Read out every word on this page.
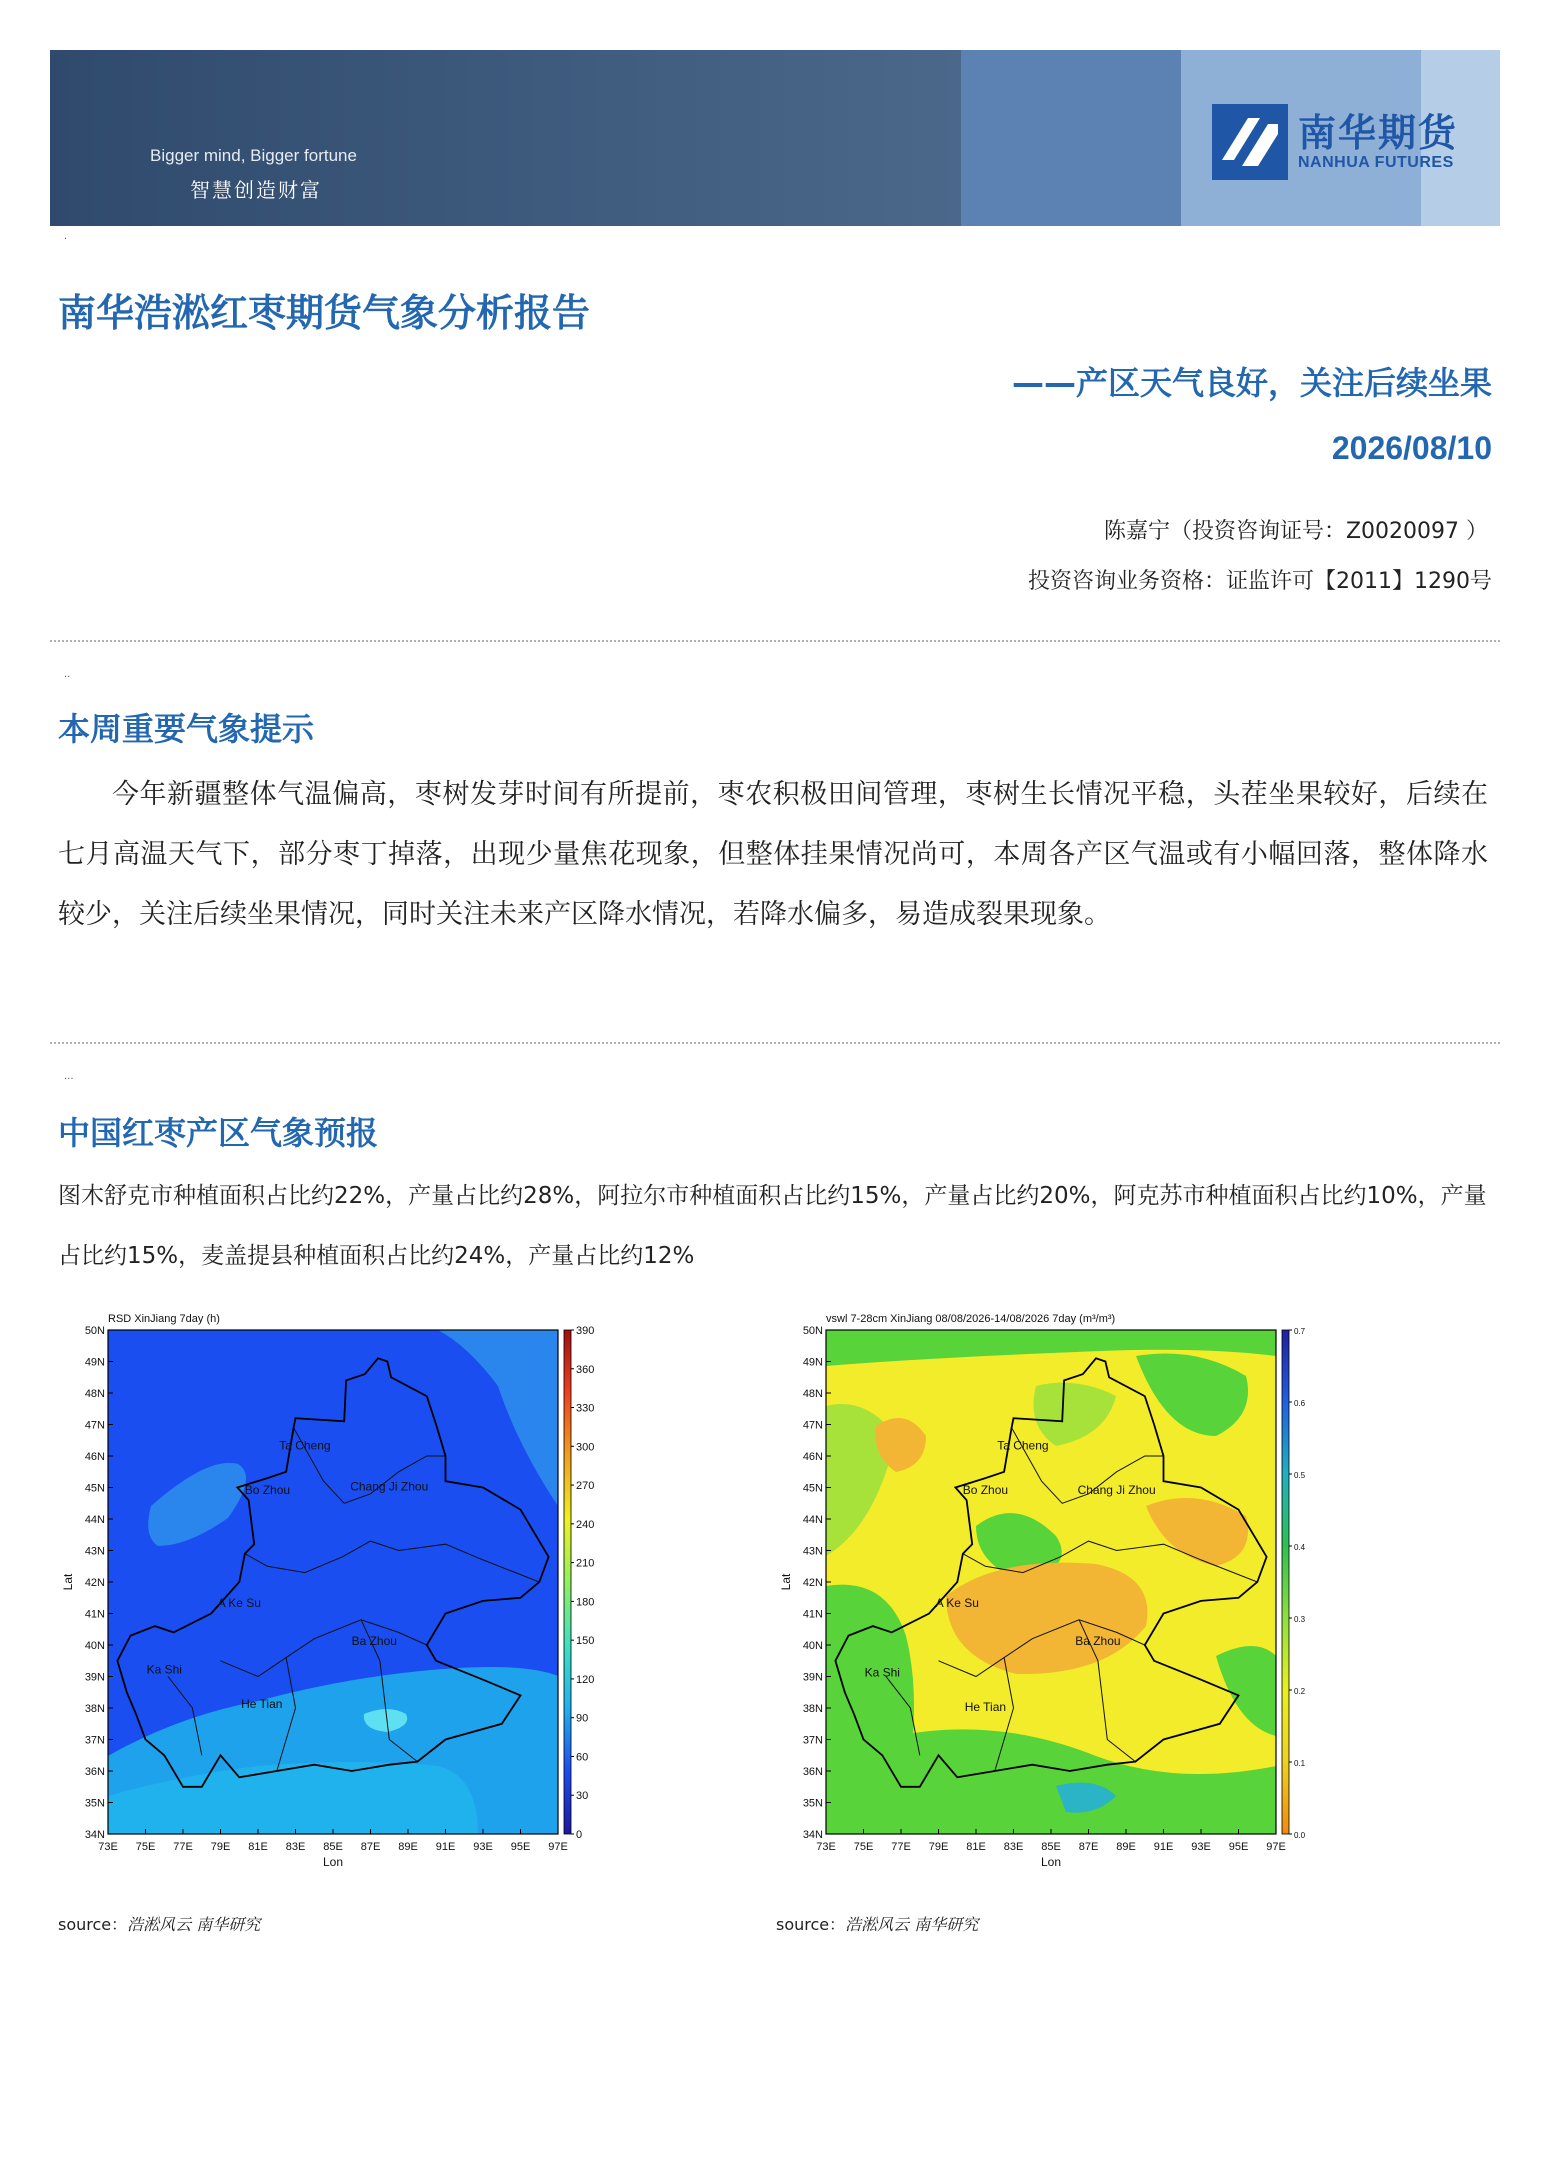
Bigger mind, Bigger fortune
智慧创造财富
南华期货
NANHUA FUTURES
·
南华浩淞红枣期货气象分析报告
——产区天气良好，关注后续坐果
2026/08/10
陈嘉宁（投资咨询证号：Z0020097 ）
投资咨询业务资格：证监许可【2011】1290号
··
本周重要气象提示
今年新疆整体气温偏高，枣树发芽时间有所提前，枣农积极田间管理，枣树生长情况平稳，头茬坐果较好，后续在七月高温天气下，部分枣丁掉落，出现少量焦花现象，但整体挂果情况尚可，本周各产区气温或有小幅回落，整体降水较少，关注后续坐果情况，同时关注未来产区降水情况，若降水偏多，易造成裂果现象。
···
中国红枣产区气象预报
图木舒克市种植面积占比约22%，产量占比约28%，阿拉尔市种植面积占比约15%，产量占比约20%，阿克苏市种植面积占比约10%，产量占比约15%，麦盖提县种植面积占比约24%，产量占比约12%
73E 75E 77E 79E 81E 83E 85E 87E 89E 91E 93E 95E 97E
34N
35N
36N
37N
38N
39N
40N
41N
42N
43N
44N
45N
46N
47N
48N
49N
50N
RSD XinJiang 7day (h)
Lon
Lat
Ta Cheng
Bo Zhou	Chang Ji Zhou
A Ke Su
Ba Zhou
Ka Shi
He Tian
0
30
60
90
120
150
180
210
240
270
300
330
360
390
73E 75E 77E 79E 81E 83E 85E 87E 89E 91E 93E 95E 97E
34N
35N
36N
37N
38N
39N
40N
41N
42N
43N
44N
45N
46N
47N
48N
49N
50N
vswl 7-28cm XinJiang 08/08/2026-14/08/2026 7day (m³/m³)
Lon
Lat
Ta Cheng
Bo Zhou	Chang Ji Zhou
A Ke Su
Ba Zhou
Ka Shi
He Tian
0.0
0.1
0.2
0.3
0.4
0.5
0.6
0.7
source：浩淞风云 南华研究	source：浩淞风云 南华研究
